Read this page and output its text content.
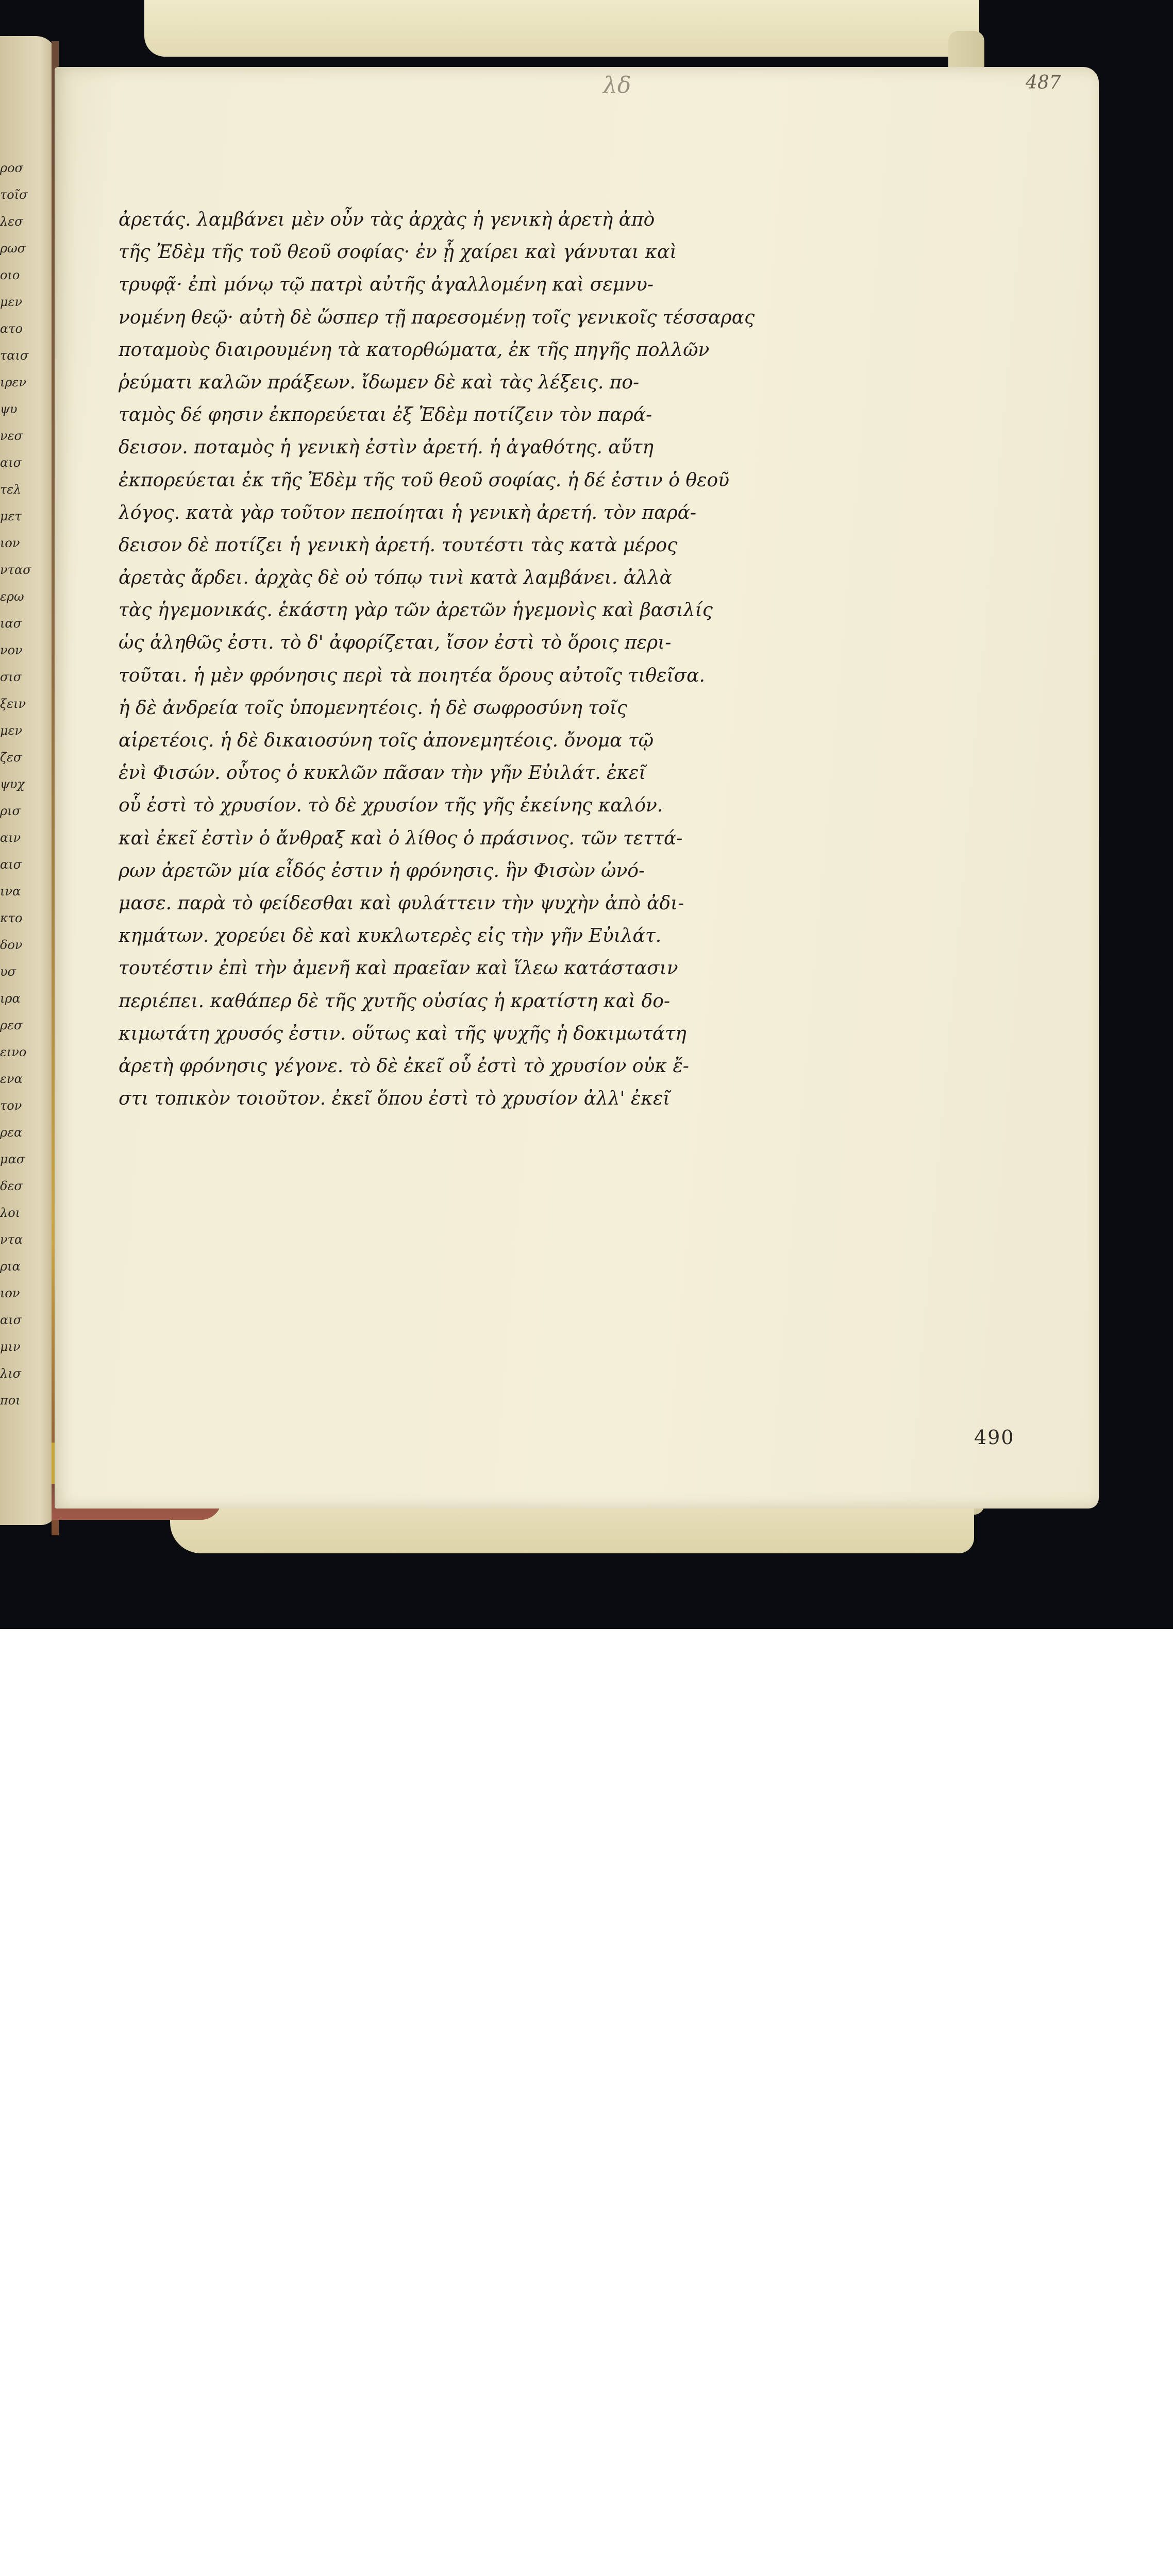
ροσ
τοῖσ
λεσ
ρωσ
οιο
μεν
ατο
ταισ
ιρεν
ψυ
νεσ
αισ
τελ
μετ
ιον
ντασ
ερω
ιασ
νον
σισ
ξειν
μεν
ζεσ
ψυχ
ρισ
αιν
αισ
ινα
κτο
δον
υσ
ιρα
ρεσ
εινο
ενα
τον
ρεα
μασ
δεσ
λοι
ντα
ρια
ιον
αισ
μιν
λισ
ποι
λδ	487
ἀρετάς. λαμβάνει μὲν οὖν τὰς ἀρχὰς ἡ γενικὴ ἀρετὴ ἀπὸ
τῆς Ἐδὲμ τῆς τοῦ θεοῦ σοφίας· ἐν ᾗ χαίρει καὶ γάνυται καὶ
τρυφᾷ· ἐπὶ μόνῳ τῷ πατρὶ αὐτῆς ἀγαλλομένη καὶ σεμνυ-
νομένη θεῷ· αὐτὴ δὲ ὥσπερ τῇ παρεσομένῃ τοῖς γενικοῖς τέσσαρας
ποταμοὺς διαιρουμένη τὰ κατορθώματα, ἐκ τῆς πηγῆς πολλῶν
ῥεύματι καλῶν πράξεων. ἴδωμεν δὲ καὶ τὰς λέξεις. πο-
ταμὸς δέ φησιν ἐκπορεύεται ἐξ Ἐδὲμ ποτίζειν τὸν παρά-
δεισον. ποταμὸς ἡ γενικὴ ἐστὶν ἀρετή. ἡ ἀγαθότης. αὕτη
ἐκπορεύεται ἐκ τῆς Ἐδὲμ τῆς τοῦ θεοῦ σοφίας. ἡ δέ ἐστιν ὁ θεοῦ
λόγος. κατὰ γὰρ τοῦτον πεποίηται ἡ γενικὴ ἀρετή. τὸν παρά-
δεισον δὲ ποτίζει ἡ γενικὴ ἀρετή. τουτέστι τὰς κατὰ μέρος
ἀρετὰς ἄρδει. ἀρχὰς δὲ οὐ τόπῳ τινὶ κατὰ λαμβάνει. ἀλλὰ
τὰς ἡγεμονικάς. ἑκάστη γὰρ τῶν ἀρετῶν ἡγεμονὶς καὶ βασιλίς
ὡς ἀληθῶς ἐστι. τὸ δ' ἀφορίζεται, ἴσον ἐστὶ τὸ ὅροις περι-
τοῦται. ἡ μὲν φρόνησις περὶ τὰ ποιητέα ὅρους αὐτοῖς τιθεῖσα.
ἡ δὲ ἀνδρεία τοῖς ὑπομενητέοις. ἡ δὲ σωφροσύνη τοῖς
αἱρετέοις. ἡ δὲ δικαιοσύνη τοῖς ἀπονεμητέοις. ὄνομα τῷ
ἑνὶ Φισών. οὗτος ὁ κυκλῶν πᾶσαν τὴν γῆν Εὐιλάτ. ἐκεῖ
οὗ ἐστὶ τὸ χρυσίον. τὸ δὲ χρυσίον τῆς γῆς ἐκείνης καλόν.
καὶ ἐκεῖ ἐστὶν ὁ ἄνθραξ καὶ ὁ λίθος ὁ πράσινος. τῶν τεττά-
ρων ἀρετῶν μία εἶδός ἐστιν ἡ φρόνησις. ἣν Φισὼν ὠνό-
μασε. παρὰ τὸ φείδεσθαι καὶ φυλάττειν τὴν ψυχὴν ἀπὸ ἀδι-
κημάτων. χορεύει δὲ καὶ κυκλωτερὲς εἰς τὴν γῆν Εὐιλάτ.
τουτέστιν ἐπὶ τὴν ἀμενῆ καὶ πραεῖαν καὶ ἵλεω κατάστασιν
περιέπει. καθάπερ δὲ τῆς χυτῆς οὐσίας ἡ κρατίστη καὶ δο-
κιμωτάτη χρυσός ἐστιν. οὕτως καὶ τῆς ψυχῆς ἡ δοκιμωτάτη
ἀρετὴ φρόνησις γέγονε. τὸ δὲ ἐκεῖ οὗ ἐστὶ τὸ χρυσίον οὐκ ἔ-
στι τοπικὸν τοιοῦτον. ἐκεῖ ὅπου ἐστὶ τὸ χρυσίον ἀλλ' ἐκεῖ
490
